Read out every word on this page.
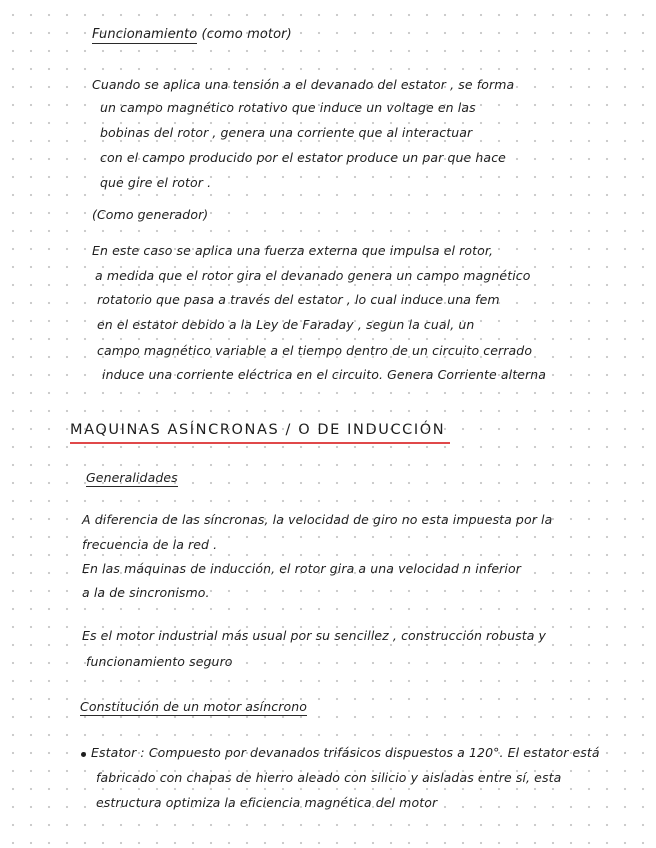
Funcionamiento (como motor)
Cuando se aplica una tensión a el devanado del estator , se forma
un campo magnético rotativo que induce un voltage en las
bobinas del rotor , genera una corriente que al interactuar
con el campo producido por el estator produce un par que hace
que gire el rotor .
(Como generador)
En este caso se aplica una fuerza externa que impulsa el rotor,
a medida que el rotor gira el devanado genera un campo magnético
rotatorio que pasa a través del estator , lo cual induce una fem
en el estator debido a la Ley de Faraday , segun la cual, un
campo magnético variable a el tiempo dentro de un circuito cerrado
induce una corriente eléctrica en el circuito. Genera Corriente alterna
MAQUINAS ASÍNCRONAS / O DE INDUCCIÓN
Generalidades
A diferencia de las síncronas, la velocidad de giro no esta impuesta por la
frecuencia de la red .
En las máquinas de inducción, el rotor gira a una velocidad n inferior
a la de sincronismo.
Es el motor industrial más usual por su sencillez , construcción robusta y
funcionamiento seguro
Constitución de un motor asíncrono
Estator : Compuesto por devanados trifásicos dispuestos a 120°. El estator está
fabricado con chapas de hierro aleado con silicio y aisladas entre sí, esta
estructura optimiza la eficiencia magnética del motor
